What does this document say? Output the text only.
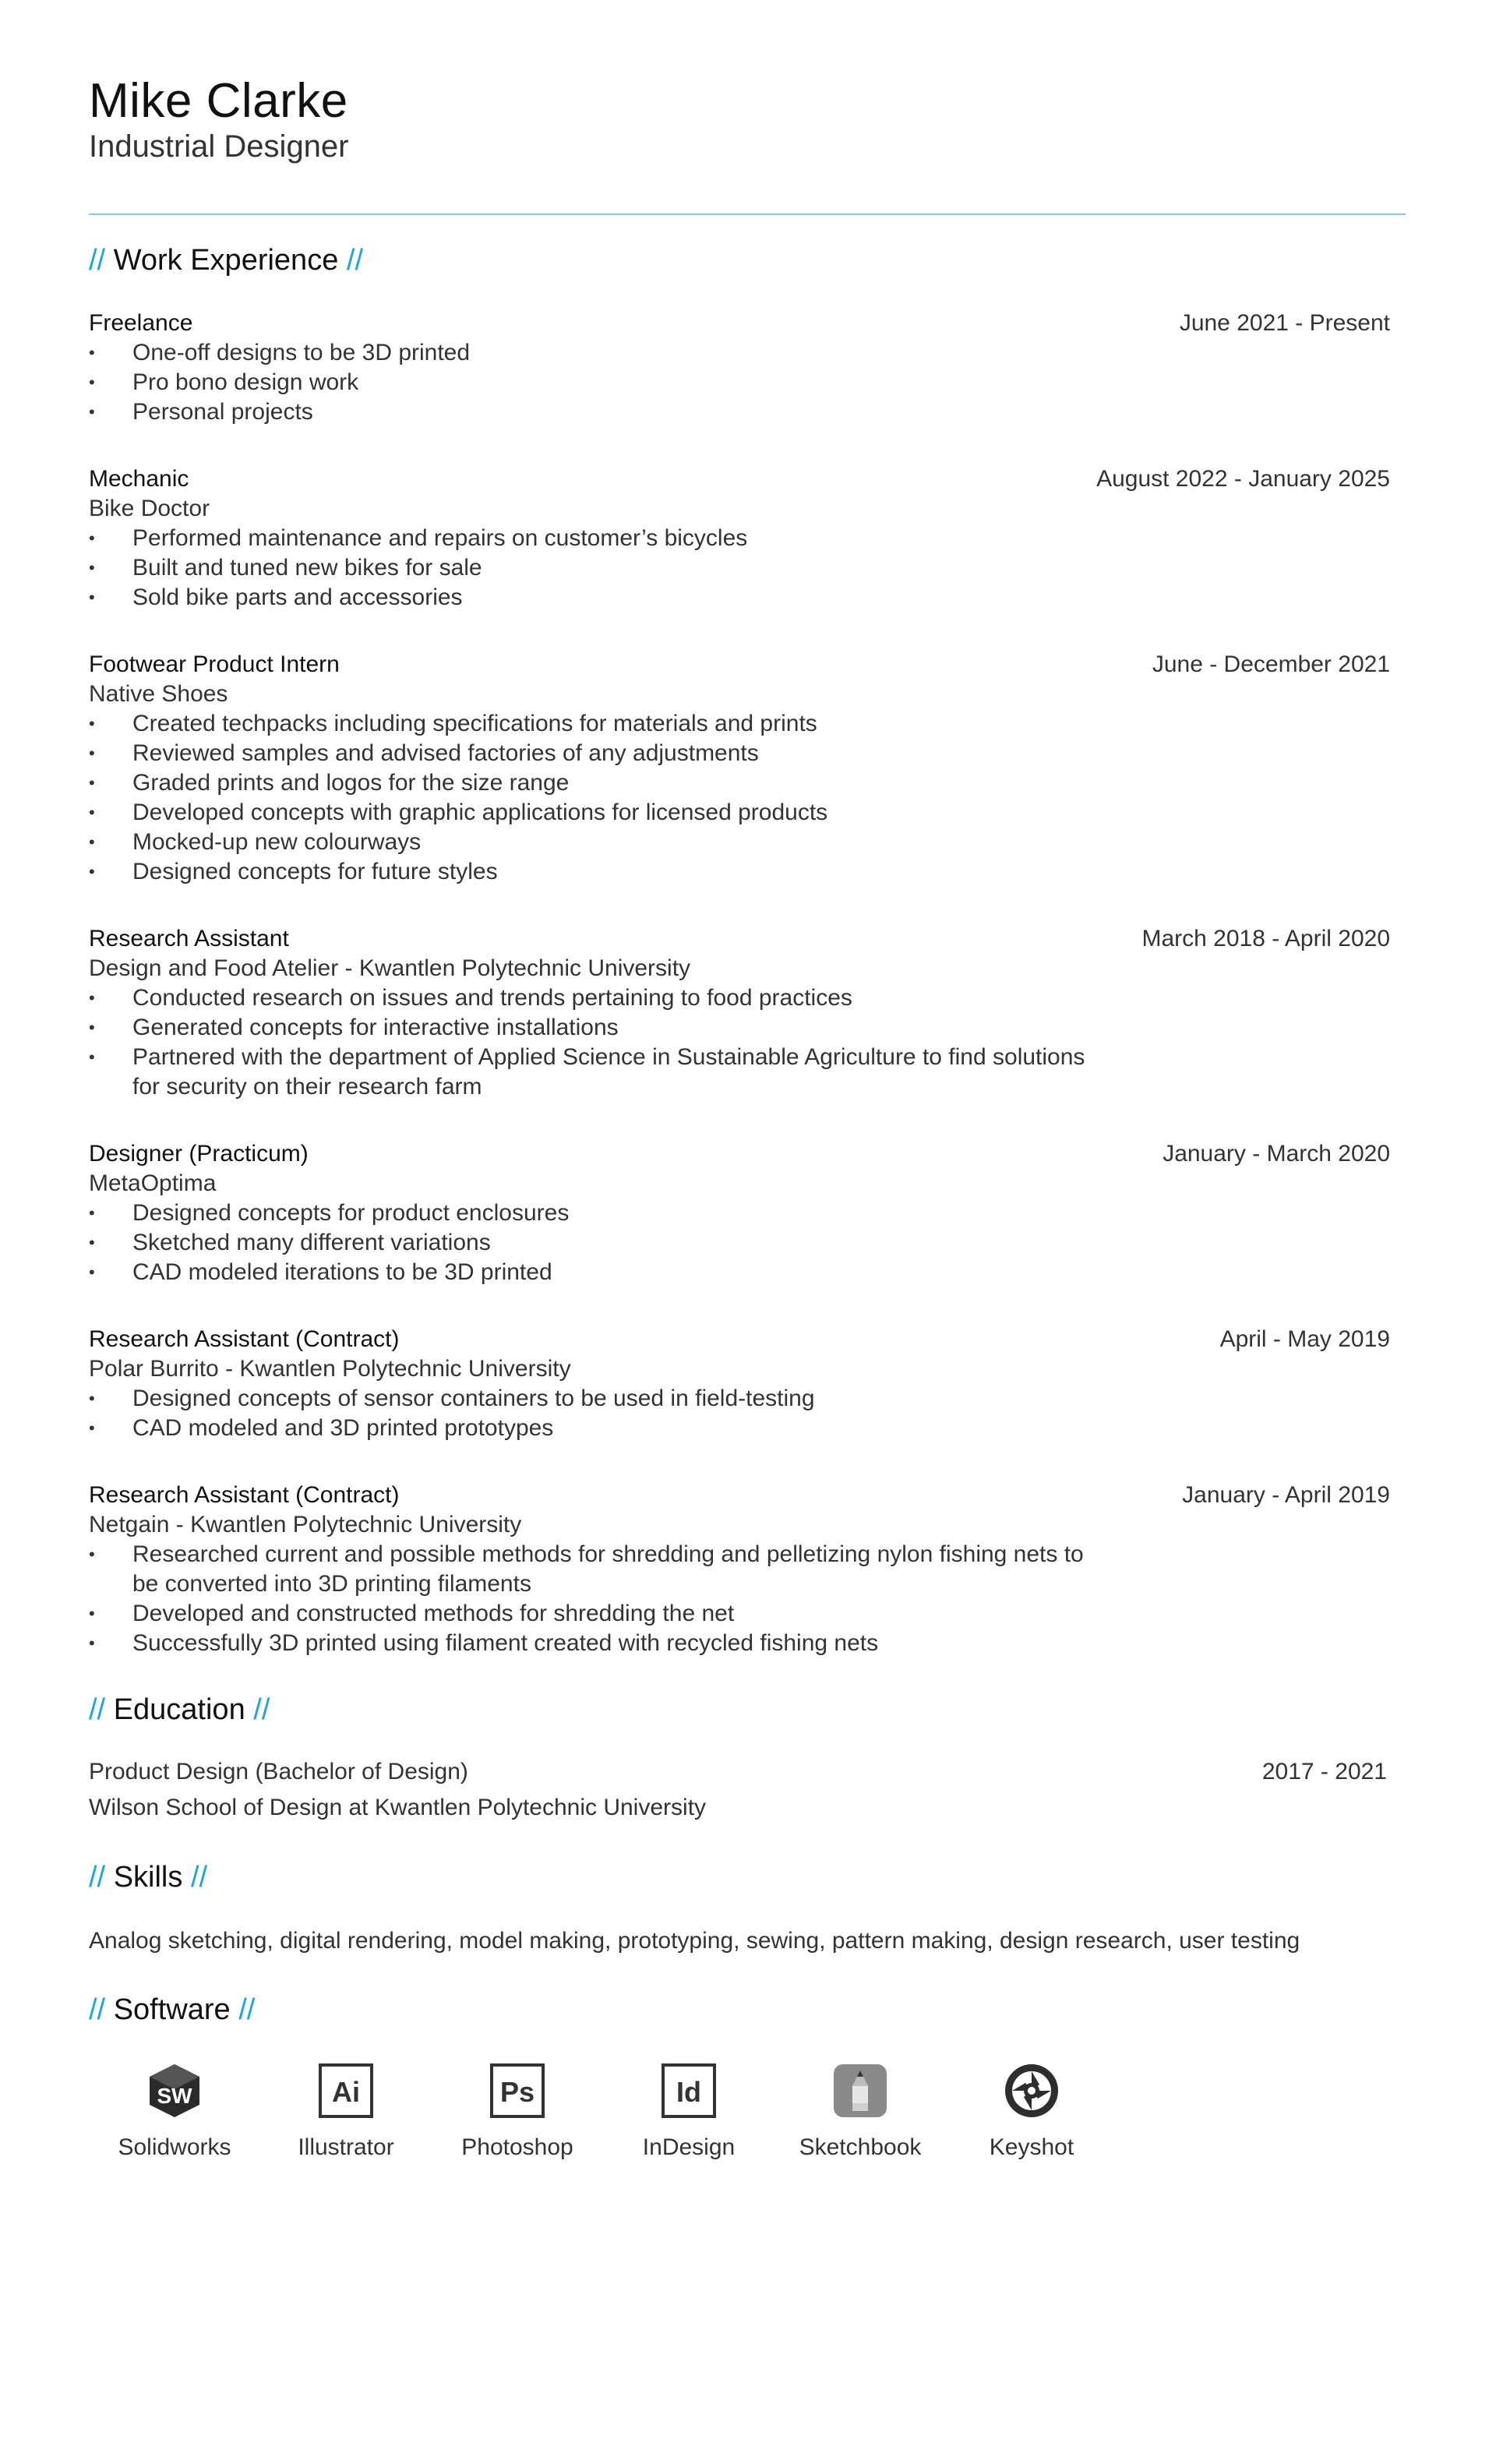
Mike Clarke

Industrial Designer

// Work Experience //
Freelance	June 2021 - Present
• One-off designs to be 3D printed
• Pro bono design work
• Personal projects
Mechanic	August 2022 - January 2025
Bike Doctor
• Performed maintenance and repairs on customer’s bicycles
• Built and tuned new bikes for sale
• Sold bike parts and accessories
Footwear Product Intern	June - December 2021
Native Shoes
• Created techpacks including specifications for materials and prints
• Reviewed samples and advised factories of any adjustments
• Graded prints and logos for the size range
• Developed concepts with graphic applications for licensed products
• Mocked-up new colourways
• Designed concepts for future styles
Research Assistant	March 2018 - April 2020
Design and Food Atelier - Kwantlen Polytechnic University
• Conducted research on issues and trends pertaining to food practices
• Generated concepts for interactive installations
• Partnered with the department of Applied Science in Sustainable Agriculture to find solutions for security on their research farm
Designer (Practicum)	January - March 2020
MetaOptima
• Designed concepts for product enclosures
• Sketched many different variations
• CAD modeled iterations to be 3D printed
Research Assistant (Contract)	April - May 2019
Polar Burrito - Kwantlen Polytechnic University
• Designed concepts of sensor containers to be used in field-testing
• CAD modeled and 3D printed prototypes
Research Assistant (Contract)	January - April 2019
Netgain - Kwantlen Polytechnic University
• Researched current and possible methods for shredding and pelletizing nylon fishing nets to be converted into 3D printing filaments
• Developed and constructed methods for shredding the net
• Successfully 3D printed using filament created with recycled fishing nets
// Education //
Product Design (Bachelor of Design)	2017 - 2021
Wilson School of Design at Kwantlen Polytechnic University
// Skills //
Analog sketching, digital rendering, model making, prototyping, sewing, pattern making, design research, user testing
// Software //
SW
Solidworks
Ai
Illustrator
Ps
Photoshop
Id
InDesign	Sketchbook	Keyshot
